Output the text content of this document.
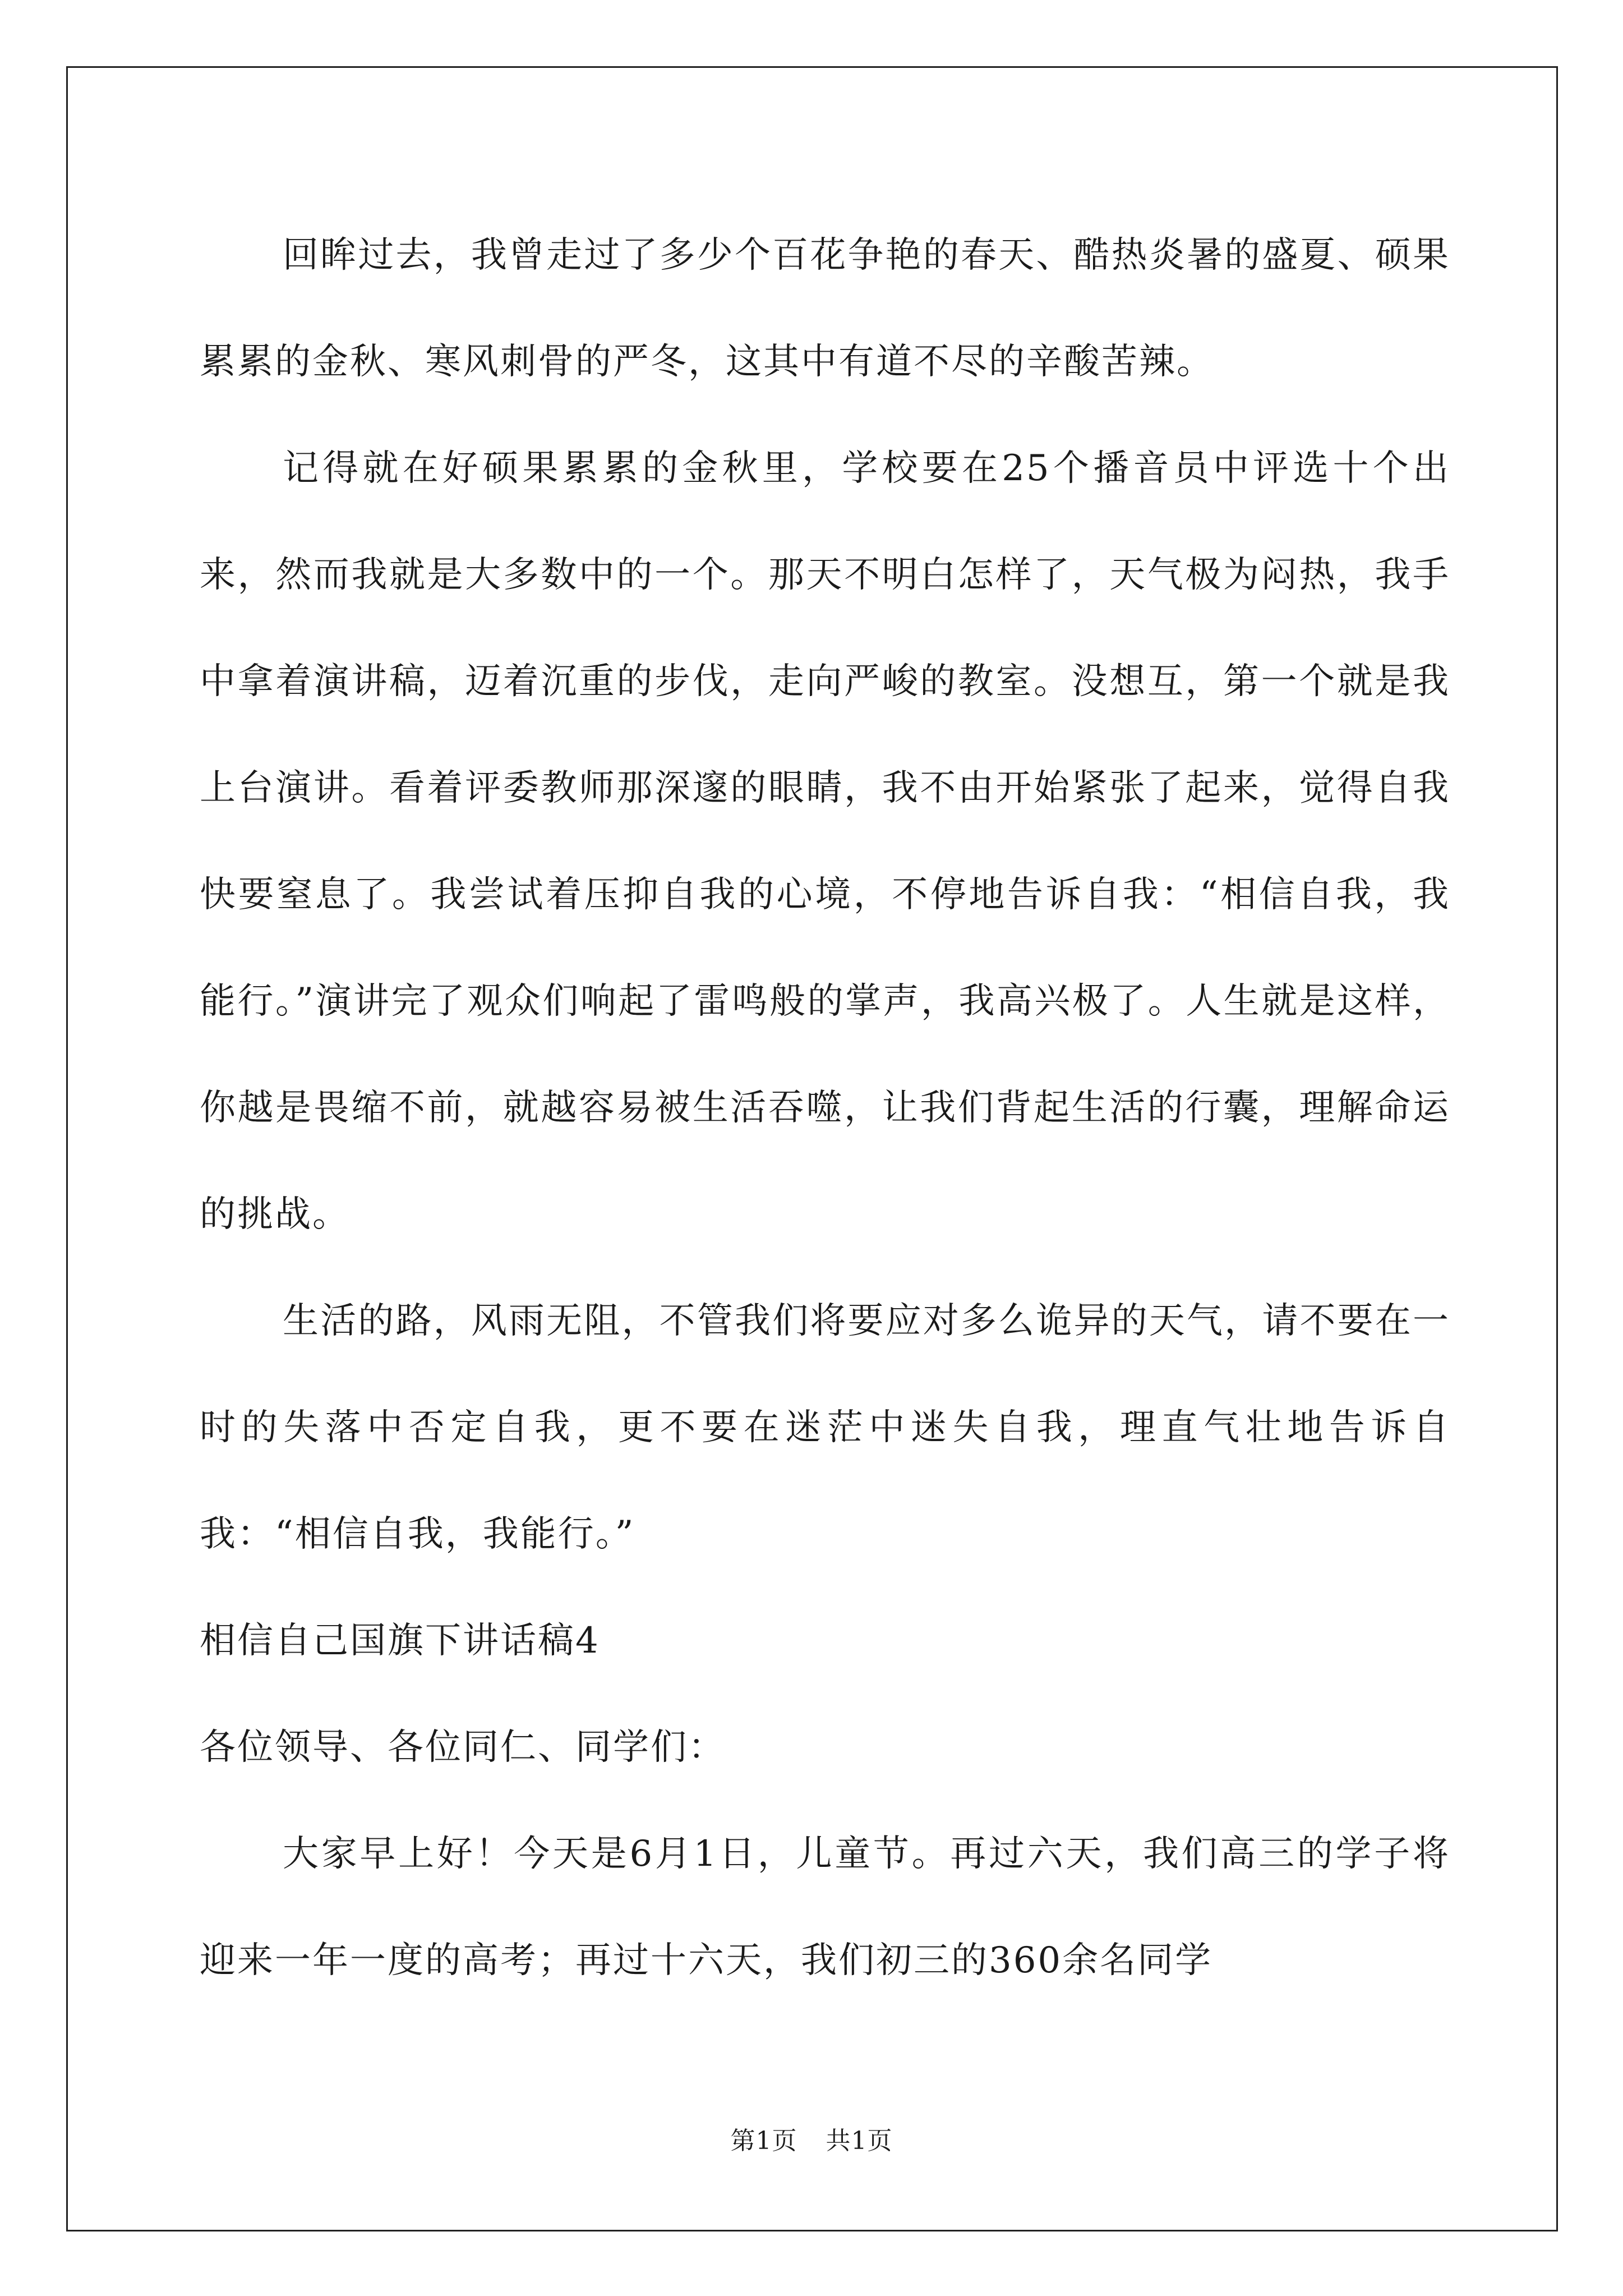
回眸过去，我曾走过了多少个百花争艳的春天、酷热炎暑的盛夏、硕果累累的金秋、寒风刺骨的严冬，这其中有道不尽的辛酸苦辣。
记得就在好硕果累累的金秋里，学校要在25个播音员中评选十个出来，然而我就是大多数中的一个。那天不明白怎样了，天气极为闷热，我手中拿着演讲稿，迈着沉重的步伐，走向严峻的教室。没想互，第一个就是我上台演讲。看着评委教师那深邃的眼睛，我不由开始紧张了起来，觉得自我快要窒息了。我尝试着压抑自我的心境，不停地告诉自我：“相信自我，我能行。”演讲完了观众们响起了雷鸣般的掌声，我高兴极了。人生就是这样，你越是畏缩不前，就越容易被生活吞噬，让我们背起生活的行囊，理解命运的挑战。
生活的路，风雨无阻，不管我们将要应对多么诡异的天气，请不要在一时的失落中否定自我，更不要在迷茫中迷失自我，理直气壮地告诉自我：“相信自我，我能行。”
相信自己国旗下讲话稿4
各位领导、各位同仁、同学们：
大家早上好！今天是6月1日，儿童节。再过六天，我们高三的学子将迎来一年一度的高考；再过十六天，我们初三的360余名同学
第1页 共1页
